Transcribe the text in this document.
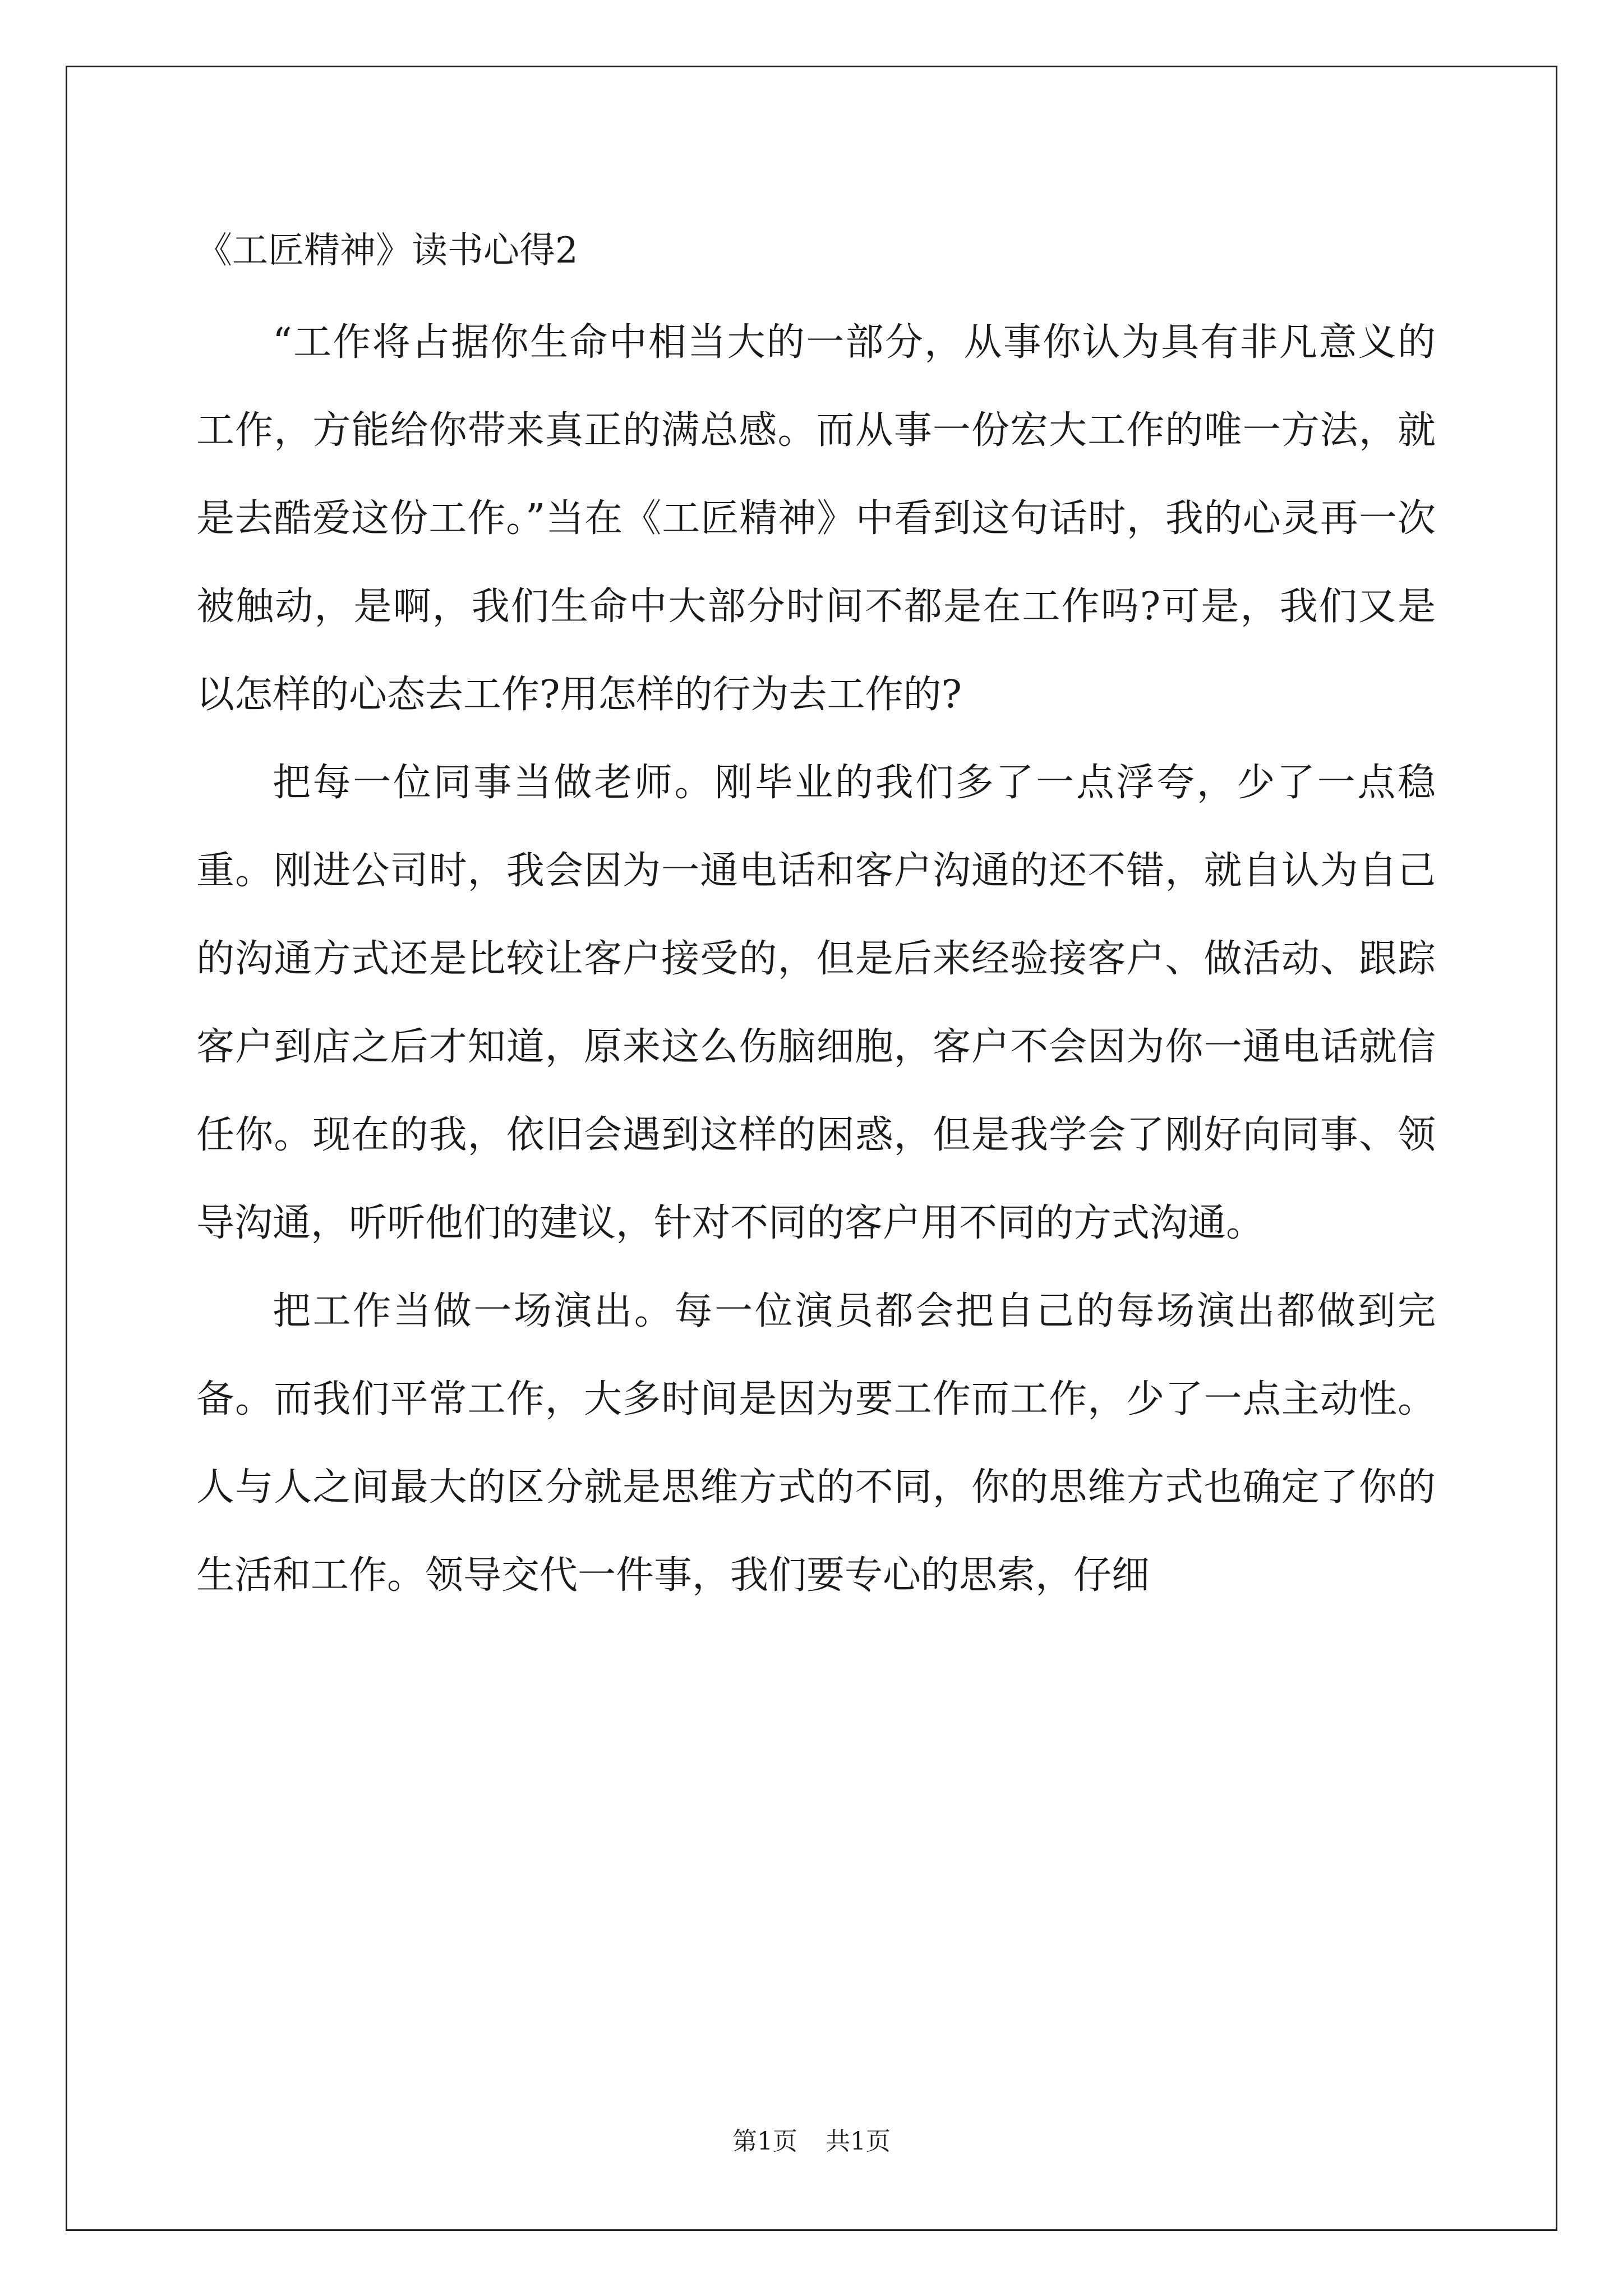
《工匠精神》读书心得2

“工作将占据你生命中相当大的一部分，从事你认为具有非凡意义的工作，方能给你带来真正的满总感。而从事一份宏大工作的唯一方法，就是去酷爱这份工作。”当在《工匠精神》中看到这句话时，我的心灵再一次被触动，是啊，我们生命中大部分时间不都是在工作吗?可是，我们又是以怎样的心态去工作?用怎样的行为去工作的?

把每一位同事当做老师。刚毕业的我们多了一点浮夸，少了一点稳重。刚进公司时，我会因为一通电话和客户沟通的还不错，就自认为自己的沟通方式还是比较让客户接受的，但是后来经验接客户、做活动、跟踪客户到店之后才知道，原来这么伤脑细胞，客户不会因为你一通电话就信任你。现在的我，依旧会遇到这样的困惑，但是我学会了刚好向同事、领导沟通，听听他们的建议，针对不同的客户用不同的方式沟通。

把工作当做一场演出。每一位演员都会把自己的每场演出都做到完备。而我们平常工作，大多时间是因为要工作而工作，少了一点主动性。人与人之间最大的区分就是思维方式的不同，你的思维方式也确定了你的生活和工作。领导交代一件事，我们要专心的思索，仔细

第1页 共1页
